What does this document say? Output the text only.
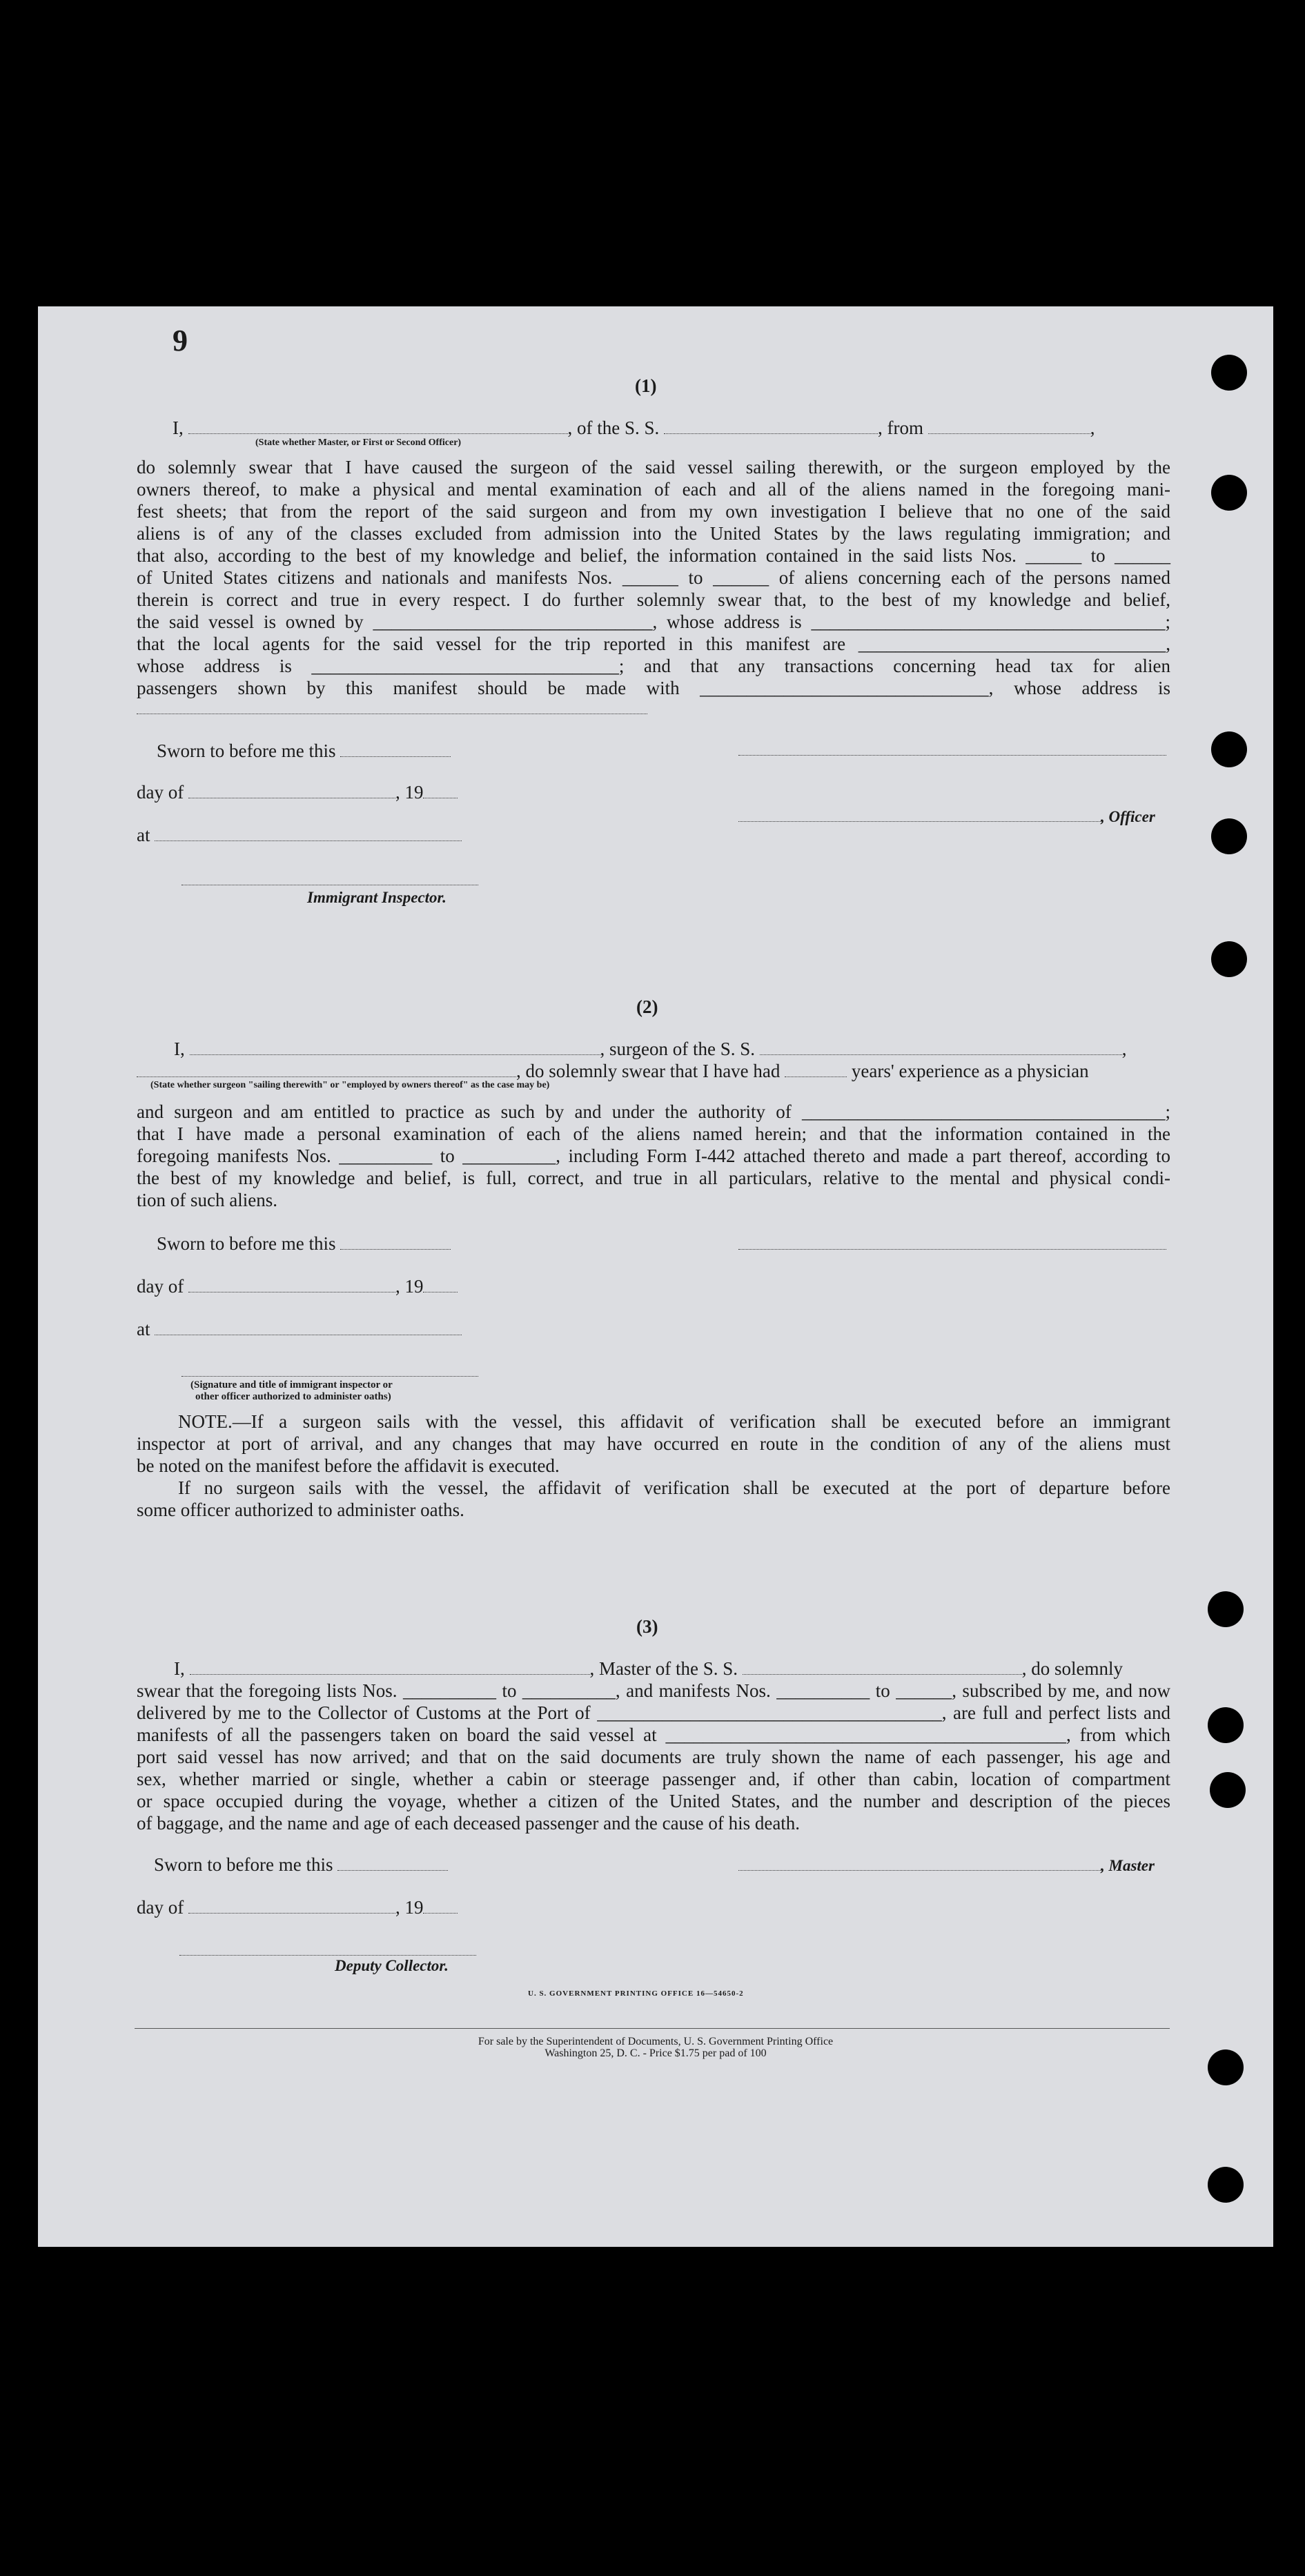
9
(1)
I,	, of the S. S.	, from	,
(State whether Master, or First or Second Officer)
do solemnly swear that I have caused the surgeon of the said vessel sailing therewith, or the surgeon employed by the
owners thereof, to make a physical and mental examination of each and all of the aliens named in the foregoing mani-
fest sheets; that from the report of the said surgeon and from my own investigation I believe that no one of the said
aliens is of any of the classes excluded from admission into the United States by the laws regulating immigration; and
that also, according to the best of my knowledge and belief, the information contained in the said lists Nos. ______ to ______
of United States citizens and nationals and manifests Nos. ______ to ______ of aliens concerning each of the persons named
therein is correct and true in every respect. I do further solemnly swear that, to the best of my knowledge and belief,
the said vessel is owned by ______________________________, whose address is ______________________________________;
that the local agents for the said vessel for the trip reported in this manifest are _________________________________,
whose address is _________________________________; and that any transactions concerning head tax for alien
passengers shown by this manifest should be made with _______________________________, whose address is
Sworn to before me this
day of	, 19
, Officer
at
Immigrant Inspector.
(2)
I,	, surgeon of the S. S.	,
, do solemnly swear that I have had	years' experience as a physician
(State whether surgeon "sailing therewith" or "employed by owners thereof" as the case may be)
and surgeon and am entitled to practice as such by and under the authority of _______________________________________;
that I have made a personal examination of each of the aliens named herein; and that the information contained in the
foregoing manifests Nos. __________ to __________, including Form I-442 attached thereto and made a part thereof, according to
the best of my knowledge and belief, is full, correct, and true in all particulars, relative to the mental and physical condi-
tion of such aliens.
Sworn to before me this
day of	, 19
at
(Signature and title of immigrant inspector or
other officer authorized to administer oaths)
NOTE.—If a surgeon sails with the vessel, this affidavit of verification shall be executed before an immigrant
inspector at port of arrival, and any changes that may have occurred en route in the condition of any of the aliens must
be noted on the manifest before the affidavit is executed.
If no surgeon sails with the vessel, the affidavit of verification shall be executed at the port of departure before
some officer authorized to administer oaths.
(3)
I,	, Master of the S. S.	, do solemnly
swear that the foregoing lists Nos. __________ to __________, and manifests Nos. __________ to ______, subscribed by me, and now
delivered by me to the Collector of Customs at the Port of _____________________________________, are full and perfect lists and
manifests of all the passengers taken on board the said vessel at ___________________________________________, from which
port said vessel has now arrived; and that on the said documents are truly shown the name of each passenger, his age and
sex, whether married or single, whether a cabin or steerage passenger and, if other than cabin, location of compartment
or space occupied during the voyage, whether a citizen of the United States, and the number and description of the pieces
of baggage, and the name and age of each deceased passenger and the cause of his death.
Sworn to before me this	, Master
day of	, 19
Deputy Collector.
U. S. GOVERNMENT PRINTING OFFICE 16—54650-2
For sale by the Superintendent of Documents, U. S. Government Printing Office
Washington 25, D. C. - Price $1.75 per pad of 100
